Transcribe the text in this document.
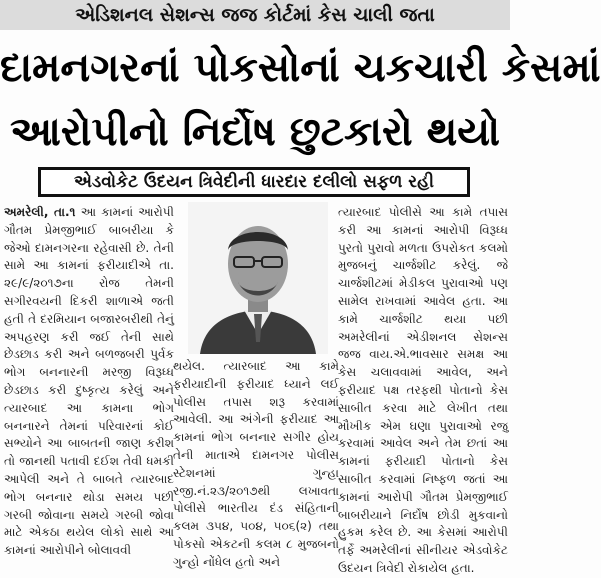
એડિશનલ સેશન્સ જજ કોર્ટમાં કેસ ચાલી જતા
દામનગરનાં પોકસોનાં ચકચારી કેસમાં
આરોપીનો નિર્દોષ છુટકારો થયો
એડવોકેટ ઉદયન ત્રિવેદીની ધારદાર દલીલો સફળ રહી

અમરેલી, તા.૧ આ કામનાં આરોપી ગૌતમ પ્રેમજીભાઈ બાબરીયા કે જેઓ દામનગરના રહેવાસી છે. તેની સામે આ કામનાં ફરીયાદીએ તા. ૨૯/૯/૨૦૧૭ના રોજ તેમની સગીરવયની દિકરી શાળાએ જતી હતી તે દરમિયાન બજારબરીથી તેનું અપહરણ કરી જઈ તેની સાથે છેડછાડ કરી અને બળજબરી પુર્વક ભોગ બનનારની મરજી વિરૂધ્ધ છેડછાડ કરી દુષ્કૃત્ય કરેલું અને ત્યારબાદ આ કામના ભોગ બનનારને તેમનાં પરિવારનાં કોઈ સભ્યોને આ બાબતની જાણ કરીશ તો જાનથી પતાવી દઈશ તેવી ધમકી આપેલી અને તે બાબતે ત્યારબાદ ભોગ બનનાર થોડા સમય પછી ગરબી જોવાના સમયે ગરબી જોવા માટે એકઠા થયેલ લોકો સાથે આ કામનાં આરોપીને બોલાવવી

થયેલ. ત્યારબાદ આ કામે ફરીયાદીની ફરીયાદ ધ્યાને લઈ પોલીસ તપાસ શરૂ કરવામાં આવેલી. આ અંગેની ફરીયાદ આ કામનાં ભોગ બનનાર સગીર હોય તેની માતાએ દામનગર પોલીસ સ્ટેશનમાં ગુન્હા રજી.નં.૨૩/૨૦૧૭થી લખાવતા પોલીસે ભારતીય દંડ સંહિતાની કલમ ૩૫૪, ૫૦૪, ૫૦૬(૨) તથા પોકસો એકટની કલમ ૮ મુજબનો ગુન્હો નોંધેલ હતો અને

ત્યારબાદ પોલીસે આ કામે તપાસ કરી આ કામનાં આરોપી વિરૂધ્ધ પુરતો પુરાવો મળતા ઉપરોકત કલમો મુજબનું ચાર્જશીટ કરેલું. જે ચાર્જશીટમાં મેડીકલ પુરાવાઓ પણ સામેલ રાખવામાં આવેલ હતા. આ કામે ચાર્જશીટ થયા પછી અમરેલીનાં એડીશનલ સેશન્સ જજ વાય.એ.ભાવસાર સમક્ષ આ કેસ ચલાવવામાં આવેલ, અને ફરીયાદ પક્ષ તરફથી પોતાનો કેસ સાબીત કરવા માટે લેખીત તથા મૌખીક એમ ઘણા પુરાવાઓ રજુ કરવામાં આવેલ અને તેમ છતાં આ કામનાં ફરીયાદી પોતાનો કેસ સાબીત કરવામાં નિષ્ફળ જતાં આ કામનાં આરોપી ગૌતમ પ્રેમજીભાઈ બાબરીયાને નિર્દોષ છોડી મુકવાનો હુકમ કરેલ છે. આ કેસમાં આરોપી તર્ફે અમરેલીનાં સીનીયર એડવોકેટ ઉદયન ત્રિવેદી રોકાયેલ હતા.
